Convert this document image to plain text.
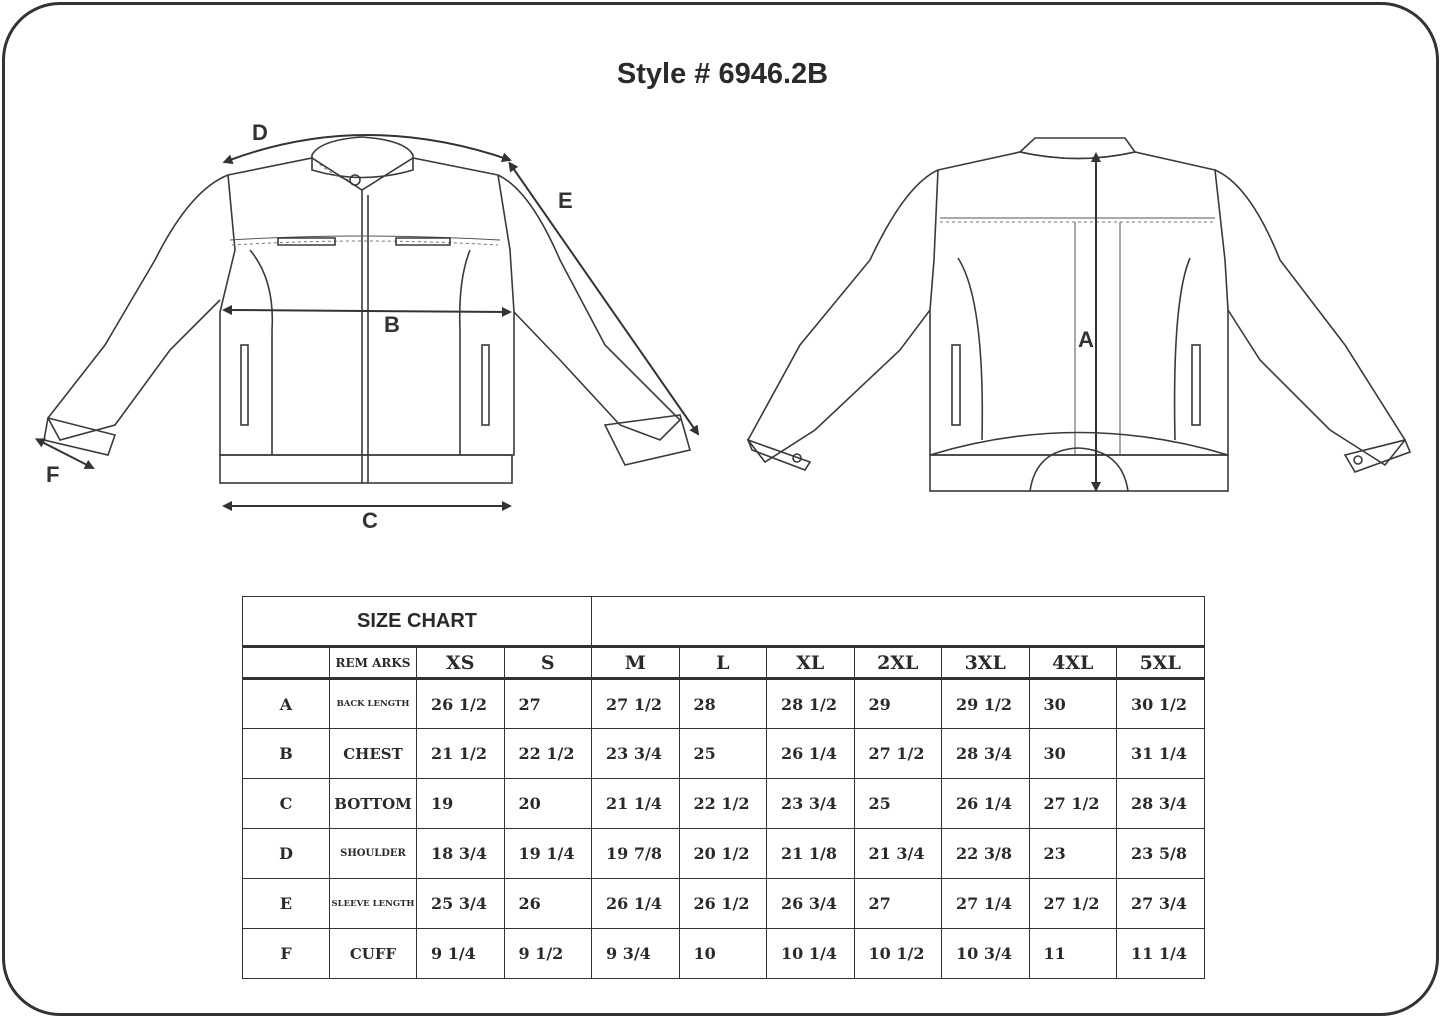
Style # 6946.2B
D
E
B
C
F
A
SIZE CHART										
	REM ARKS	XS	S	M	L	XL	2XL	3XL	4XL	5XL
A	BACK LENGTH	26 1/2	27	27 1/2	28	28 1/2	29	29 1/2	30	30 1/2
B	CHEST	21 1/2	22 1/2	23 3/4	25	26 1/4	27 1/2	28 3/4	30	31 1/4
C	BOTTOM	19	20	21 1/4	22 1/2	23 3/4	25	26 1/4	27 1/2	28 3/4
D	SHOULDER	18 3/4	19 1/4	19 7/8	20 1/2	21 1/8	21 3/4	22 3/8	23	23 5/8
E	SLEEVE LENGTH	25 3/4	26	26 1/4	26 1/2	26 3/4	27	27 1/4	27 1/2	27 3/4
F	CUFF	9 1/4	9 1/2	9 3/4	10	10 1/4	10 1/2	10 3/4	11	11 1/4
